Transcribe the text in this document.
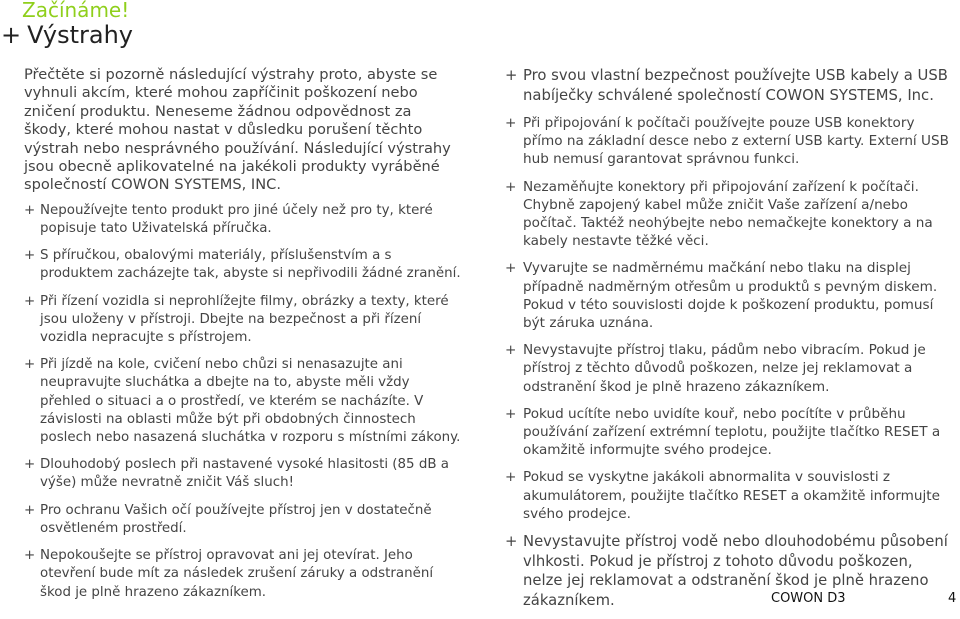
Začínáme!
+ Výstrahy

Přečtěte si pozorně následující výstrahy proto, abyste se vyhnuli akcím, které mohou zapříčinit poškození nebo zničení produktu. Neneseme žádnou odpovědnost za škody, které mohou nastat v důsledku porušení těchto výstrah nebo nesprávného používání. Následující výstrahy jsou obecně aplikovatelné na jakékoli produkty vyráběné společností COWON SYSTEMS, INC.

+ Nepoužívejte tento produkt pro jiné účely než pro ty, které popisuje tato Uživatelská příručka.
+ S příručkou, obalovými materiály, příslušenstvím a s produktem zacházejte tak, abyste si nepřivodili žádné zranění.
+ Při řízení vozidla si neprohlížejte filmy, obrázky a texty, které jsou uloženy v přístroji. Dbejte na bezpečnost a při řízení vozidla nepracujte s přístrojem.
+ Při jízdě na kole, cvičení nebo chůzi si nenasazujte ani neupravujte sluchátka a dbejte na to, abyste měli vždy přehled o situaci a o prostředí, ve kterém se nacházíte. V závislosti na oblasti může být při obdobných činnostech poslech nebo nasazená sluchátka v rozporu s místními zákony.
+ Dlouhodobý poslech při nastavené vysoké hlasitosti (85 dB a výše) může nevratně zničit Váš sluch!
+ Pro ochranu Vašich očí používejte přístroj jen v dostatečně osvětleném prostředí.
+ Nepokoušejte se přístroj opravovat ani jej otevírat. Jeho otevření bude mít za následek zrušení záruky a odstranění škod je plně hrazeno zákazníkem.
+ Pro svou vlastní bezpečnost používejte USB kabely a USB nabíječky schválené společností COWON SYSTEMS, Inc.
+ Při připojování k počítači používejte pouze USB konektory přímo na základní desce nebo z externí USB karty. Externí USB hub nemusí garantovat správnou funkci.
+ Nezaměňujte konektory při připojování zařízení k počítači. Chybně zapojený kabel může zničit Vaše zařízení a/nebo počítač. Taktéž neohýbejte nebo nemačkejte konektory a na kabely nestavte těžké věci.
+ Vyvarujte se nadměrnému mačkání nebo tlaku na displej případně nadměrným otřesům u produktů s pevným diskem. Pokud v této souvislosti dojde k poškození produktu, pomusí být záruka uznána.
+ Nevystavujte přístroj tlaku, pádům nebo vibracím. Pokud je přístroj z těchto důvodů poškozen, nelze jej reklamovat a odstranění škod je plně hrazeno zákazníkem.
+ Pokud ucítíte nebo uvidíte kouř, nebo pocítíte v průběhu používání zařízení extrémní teplotu, použijte tlačítko RESET a okamžitě informujte svého prodejce.
+ Pokud se vyskytne jakákoli abnormalita v souvislosti z akumulátorem, použijte tlačítko RESET a okamžitě informujte svého prodejce.
+ Nevystavujte přístroj vodě nebo dlouhodobému působení vlhkosti. Pokud je přístroj z tohoto důvodu poškozen, nelze jej reklamovat a odstranění škod je plně hrazeno zákazníkem.	COWON D3	4
